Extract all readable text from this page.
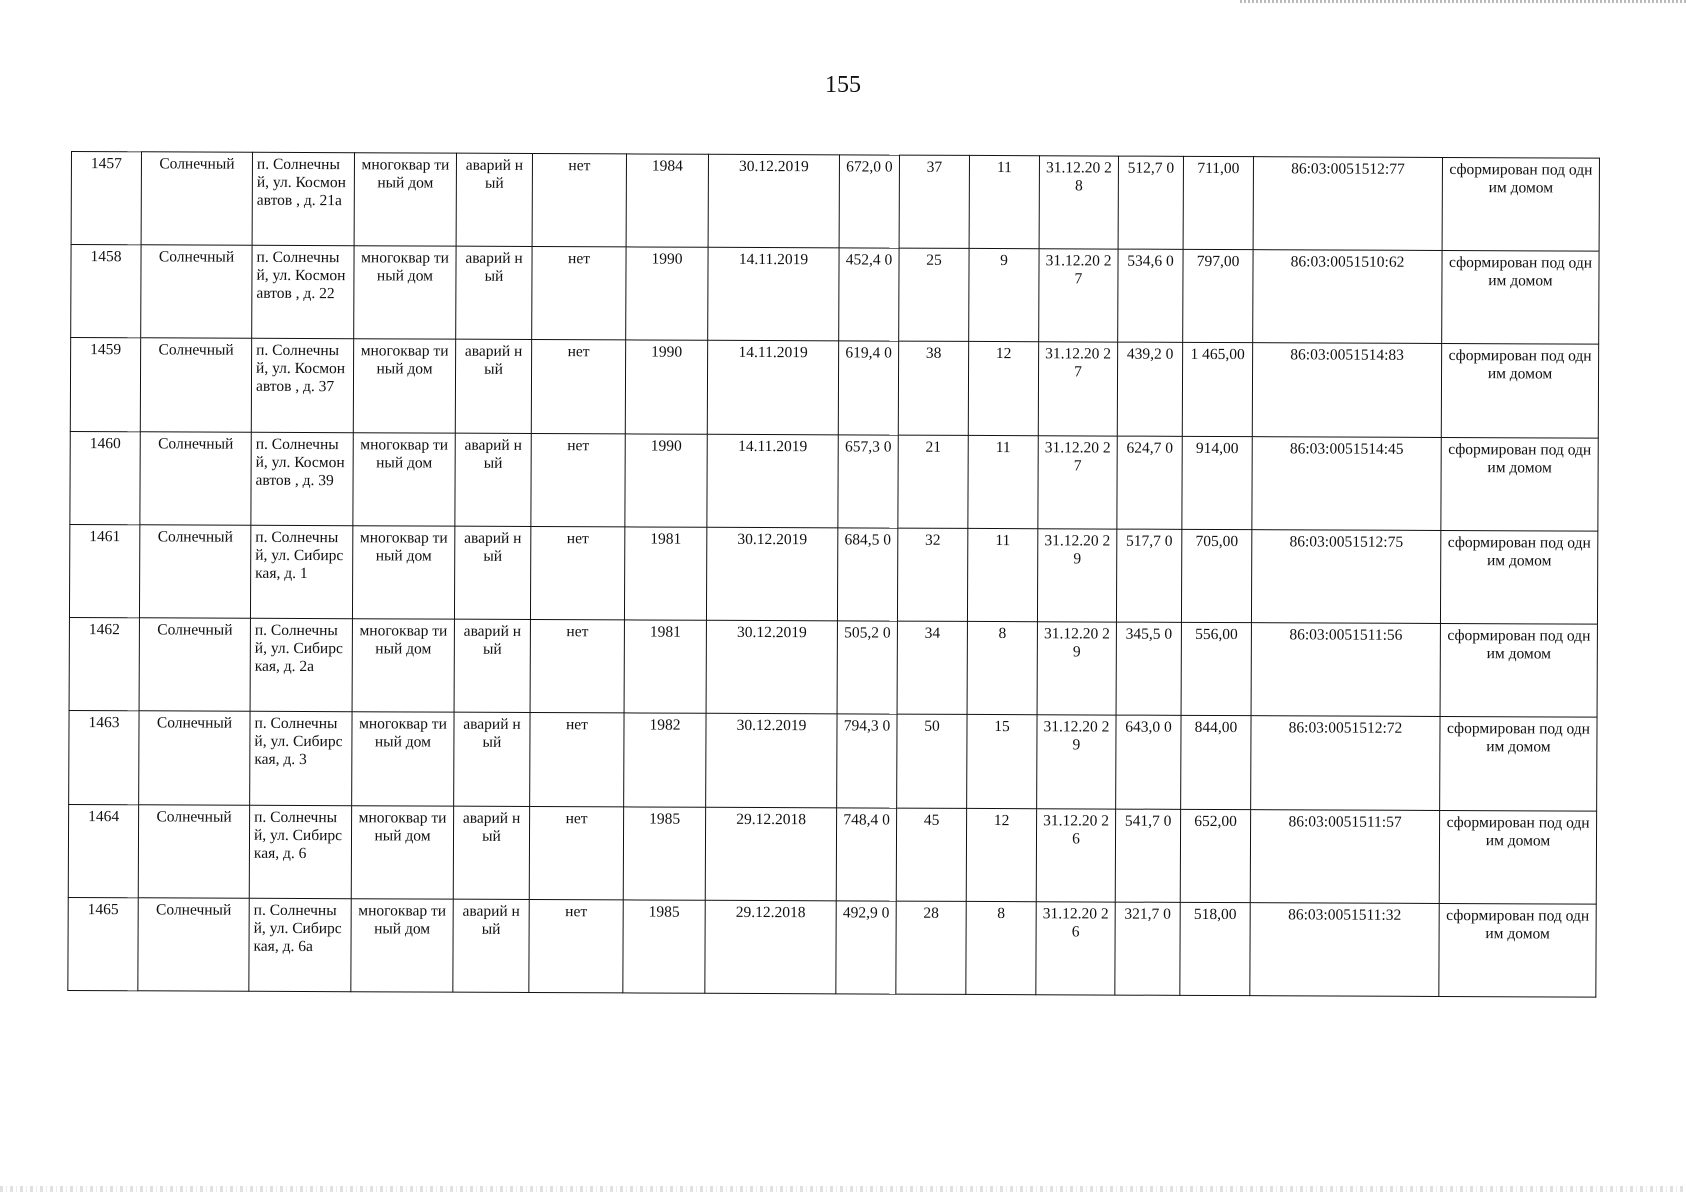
155
1457	Солнечный	п. Солнечный, ул. Космонавтов , д. 21а	многоквар тиный дом	аварий ный	нет	1984	30.12.2019	672,0 0	37	11	31.12.20 28	512,7 0	711,00	86:03:0051512:77	сформирован под одним домом
1458	Солнечный	п. Солнечный, ул. Космонавтов , д. 22	многоквар тиный дом	аварий ный	нет	1990	14.11.2019	452,4 0	25	9	31.12.20 27	534,6 0	797,00	86:03:0051510:62	сформирован под одним домом
1459	Солнечный	п. Солнечный, ул. Космонавтов , д. 37	многоквар тиный дом	аварий ный	нет	1990	14.11.2019	619,4 0	38	12	31.12.20 27	439,2 0	1 465,00	86:03:0051514:83	сформирован под одним домом
1460	Солнечный	п. Солнечный, ул. Космонавтов , д. 39	многоквар тиный дом	аварий ный	нет	1990	14.11.2019	657,3 0	21	11	31.12.20 27	624,7 0	914,00	86:03:0051514:45	сформирован под одним домом
1461	Солнечный	п. Солнечный, ул. Сибирская, д. 1	многоквар тиный дом	аварий ный	нет	1981	30.12.2019	684,5 0	32	11	31.12.20 29	517,7 0	705,00	86:03:0051512:75	сформирован под одним домом
1462	Солнечный	п. Солнечный, ул. Сибирская, д. 2а	многоквар тиный дом	аварий ный	нет	1981	30.12.2019	505,2 0	34	8	31.12.20 29	345,5 0	556,00	86:03:0051511:56	сформирован под одним домом
1463	Солнечный	п. Солнечный, ул. Сибирская, д. 3	многоквар тиный дом	аварий ный	нет	1982	30.12.2019	794,3 0	50	15	31.12.20 29	643,0 0	844,00	86:03:0051512:72	сформирован под одним домом
1464	Солнечный	п. Солнечный, ул. Сибирская, д. 6	многоквар тиный дом	аварий ный	нет	1985	29.12.2018	748,4 0	45	12	31.12.20 26	541,7 0	652,00	86:03:0051511:57	сформирован под одним домом
1465	Солнечный	п. Солнечный, ул. Сибирская, д. 6а	многоквар тиный дом	аварий ный	нет	1985	29.12.2018	492,9 0	28	8	31.12.20 26	321,7 0	518,00	86:03:0051511:32	сформирован под одним домом
